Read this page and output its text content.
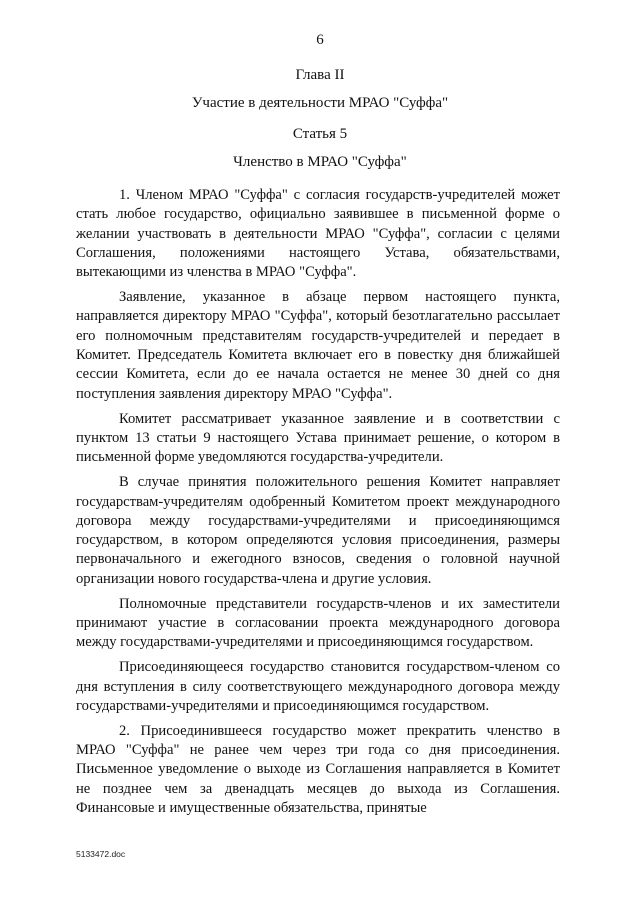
6
Глава II
Участие в деятельности МРАО "Суффа"
Статья 5
Членство в МРАО "Суффа"

1. Членом МРАО "Суффа" с согласия государств-учредителей может стать любое государство, официально заявившее в письменной форме о желании участвовать в деятельности МРАО "Суффа", согласии с целями Соглашения, положениями настоящего Устава, обязательствами, вытекающими из членства в МРАО "Суффа".

Заявление, указанное в абзаце первом настоящего пункта, направляется директору МРАО "Суффа", который безотлагательно рассылает его полномочным представителям государств-учредителей и передает в Комитет. Председатель Комитета включает его в повестку дня ближайшей сессии Комитета, если до ее начала остается не менее 30 дней со дня поступления заявления директору МРАО "Суффа".

Комитет рассматривает указанное заявление и в соответствии с пунктом 13 статьи 9 настоящего Устава принимает решение, о котором в письменной форме уведомляются государства-учредители.

В случае принятия положительного решения Комитет направляет государствам-учредителям одобренный Комитетом проект международного договора между государствами-учредителями и присоединяющимся государством, в котором определяются условия присоединения, размеры первоначального и ежегодного взносов, сведения о головной научной организации нового государства-члена и другие условия.

Полномочные представители государств-членов и их заместители принимают участие в согласовании проекта международного договора между государствами-учредителями и присоединяющимся государством.

Присоединяющееся государство становится государством-членом со дня вступления в силу соответствующего международного договора между государствами-учредителями и присоединяющимся государством.

2. Присоединившееся государство может прекратить членство в МРАО "Суффа" не ранее чем через три года со дня присоединения. Письменное уведомление о выходе из Соглашения направляется в Комитет не позднее чем за двенадцать месяцев до выхода из Соглашения. Финансовые и имущественные обязательства, принятые

5133472.doc
